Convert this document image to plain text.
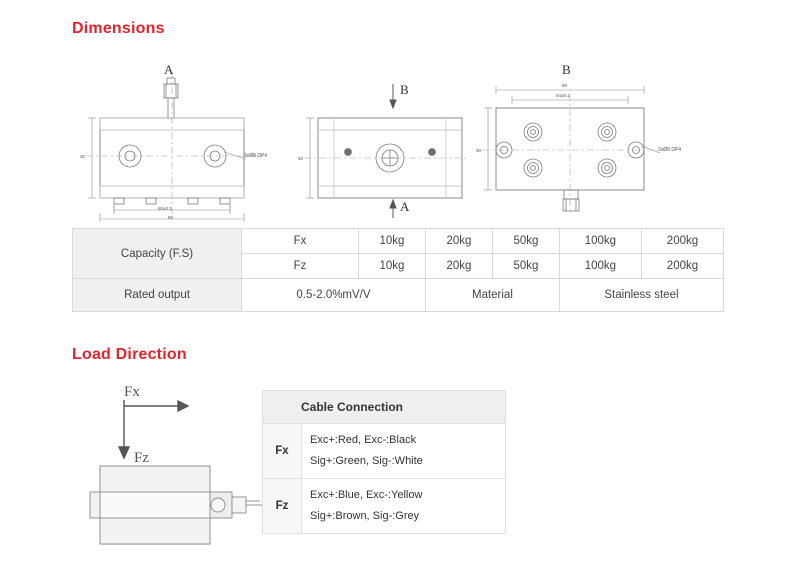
Dimensions
A
60±0.1
80
30	2xØ8 DP4
B
A
30
B
80
64±0.1
30	2xØ8 DP4
Capacity (F.S)	Fx	10kg	20kg	50kg	100kg	200kg
	Fz	10kg	20kg	50kg	100kg	200kg
Rated output	0.5-2.0%mV/V		Material		Stainless steel	
Load Direction
Fx
Fz
Cable Connection	
Fx	Exc+:Red, Exc-:Black
Sig+:Green, Sig-:White

Fz	Exc+:Blue, Exc-:Yellow
Sig+:Brown, Sig-:Grey
